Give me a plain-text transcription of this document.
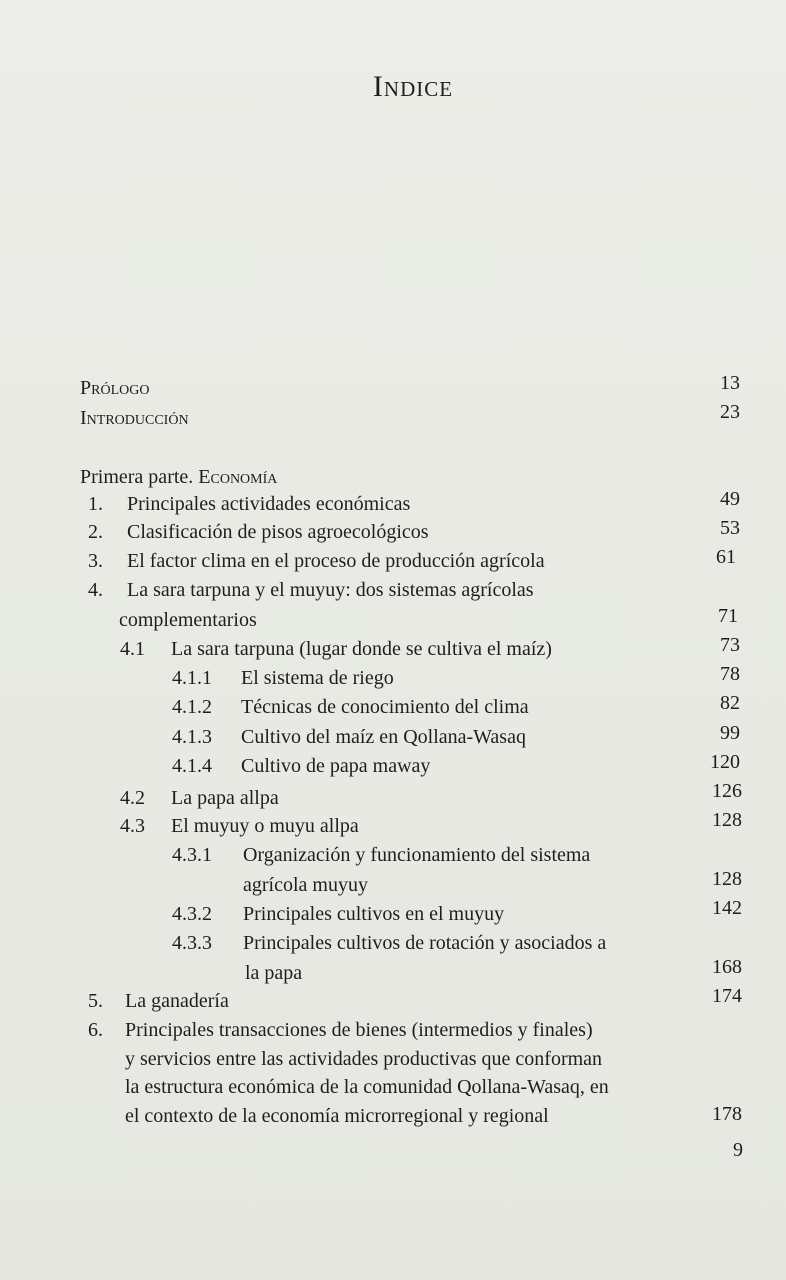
Indice
Prólogo	13
Introducción	23
Primera parte. Economía
1. Principales actividades económicas	49
2. Clasificación de pisos agroecológicos	53
3. El factor clima en el proceso de producción agrícola	61
4. La sara tarpuna y el muyuy: dos sistemas agrícolas
complementarios	71
4.1 La sara tarpuna (lugar donde se cultiva el maíz)	73
4.1.1 El sistema de riego	78
4.1.2 Técnicas de conocimiento del clima	82
4.1.3 Cultivo del maíz en Qollana-Wasaq	99
4.1.4 Cultivo de papa maway	120
4.2 La papa allpa	126
4.3 El muyuy o muyu allpa	128
4.3.1 Organización y funcionamiento del sistema
agrícola muyuy	128
4.3.2 Principales cultivos en el muyuy	142
4.3.3 Principales cultivos de rotación y asociados a
la papa	168
5. La ganadería	174
6. Principales transacciones de bienes (intermedios y finales)
y servicios entre las actividades productivas que conforman
la estructura económica de la comunidad Qollana-Wasaq, en
el contexto de la economía microrregional y regional	178
9
